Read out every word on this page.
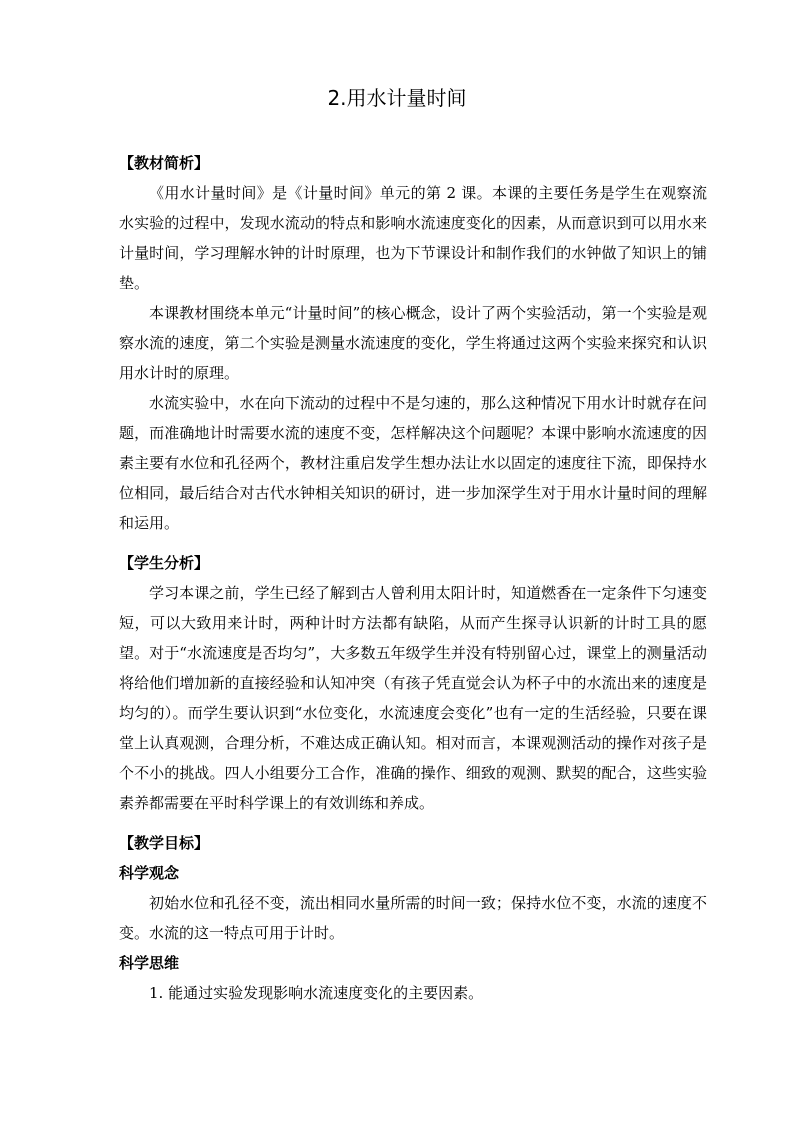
2.用水计量时间

【教材简析】

《用水计量时间》是《计量时间》单元的第 2 课。本课的主要任务是学生在观察流水实验的过程中，发现水流动的特点和影响水流速度变化的因素，从而意识到可以用水来计量时间，学习理解水钟的计时原理，也为下节课设计和制作我们的水钟做了知识上的铺垫。

本课教材围绕本单元“计量时间”的核心概念，设计了两个实验活动，第一个实验是观察水流的速度，第二个实验是测量水流速度的变化，学生将通过这两个实验来探究和认识用水计时的原理。

水流实验中，水在向下流动的过程中不是匀速的，那么这种情况下用水计时就存在问题，而准确地计时需要水流的速度不变，怎样解决这个问题呢？本课中影响水流速度的因素主要有水位和孔径两个，教材注重启发学生想办法让水以固定的速度往下流，即保持水位相同，最后结合对古代水钟相关知识的研讨，进一步加深学生对于用水计量时间的理解和运用。

【学生分析】

学习本课之前，学生已经了解到古人曾利用太阳计时，知道燃香在一定条件下匀速变短，可以大致用来计时，两种计时方法都有缺陷，从而产生探寻认识新的计时工具的愿望。对于“水流速度是否均匀”，大多数五年级学生并没有特别留心过，课堂上的测量活动将给他们增加新的直接经验和认知冲突（有孩子凭直觉会认为杯子中的水流出来的速度是均匀的）。而学生要认识到“水位变化，水流速度会变化”也有一定的生活经验，只要在课堂上认真观测，合理分析，不难达成正确认知。相对而言，本课观测活动的操作对孩子是个不小的挑战。四人小组要分工合作，准确的操作、细致的观测、默契的配合，这些实验素养都需要在平时科学课上的有效训练和养成。

【教学目标】

科学观念

初始水位和孔径不变，流出相同水量所需的时间一致；保持水位不变，水流的速度不变。水流的这一特点可用于计时。

科学思维

1. 能通过实验发现影响水流速度变化的主要因素。
